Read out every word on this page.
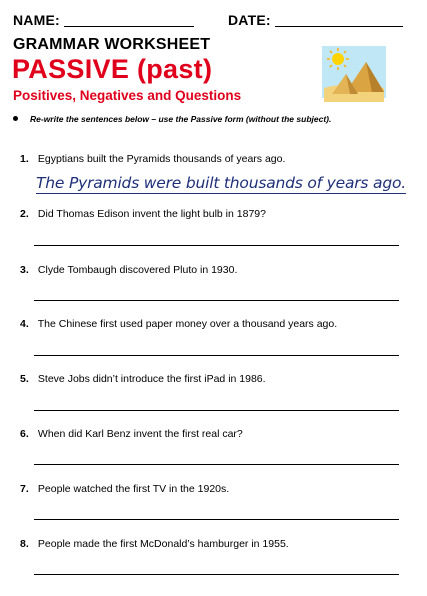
NAME:	DATE:
GRAMMAR WORKSHEET
PASSIVE (past)
Positives, Negatives and Questions
Re-write the sentences below – use the Passive form (without the subject).
1. Egyptians built the Pyramids thousands of years ago.
The Pyramids were built thousands of years ago.
2. Did Thomas Edison invent the light bulb in 1879?
3. Clyde Tombaugh discovered Pluto in 1930.
4. The Chinese first used paper money over a thousand years ago.
5. Steve Jobs didn’t introduce the first iPad in 1986.
6. When did Karl Benz invent the first real car?
7. People watched the first TV in the 1920s.
8. People made the first McDonald’s hamburger in 1955.
